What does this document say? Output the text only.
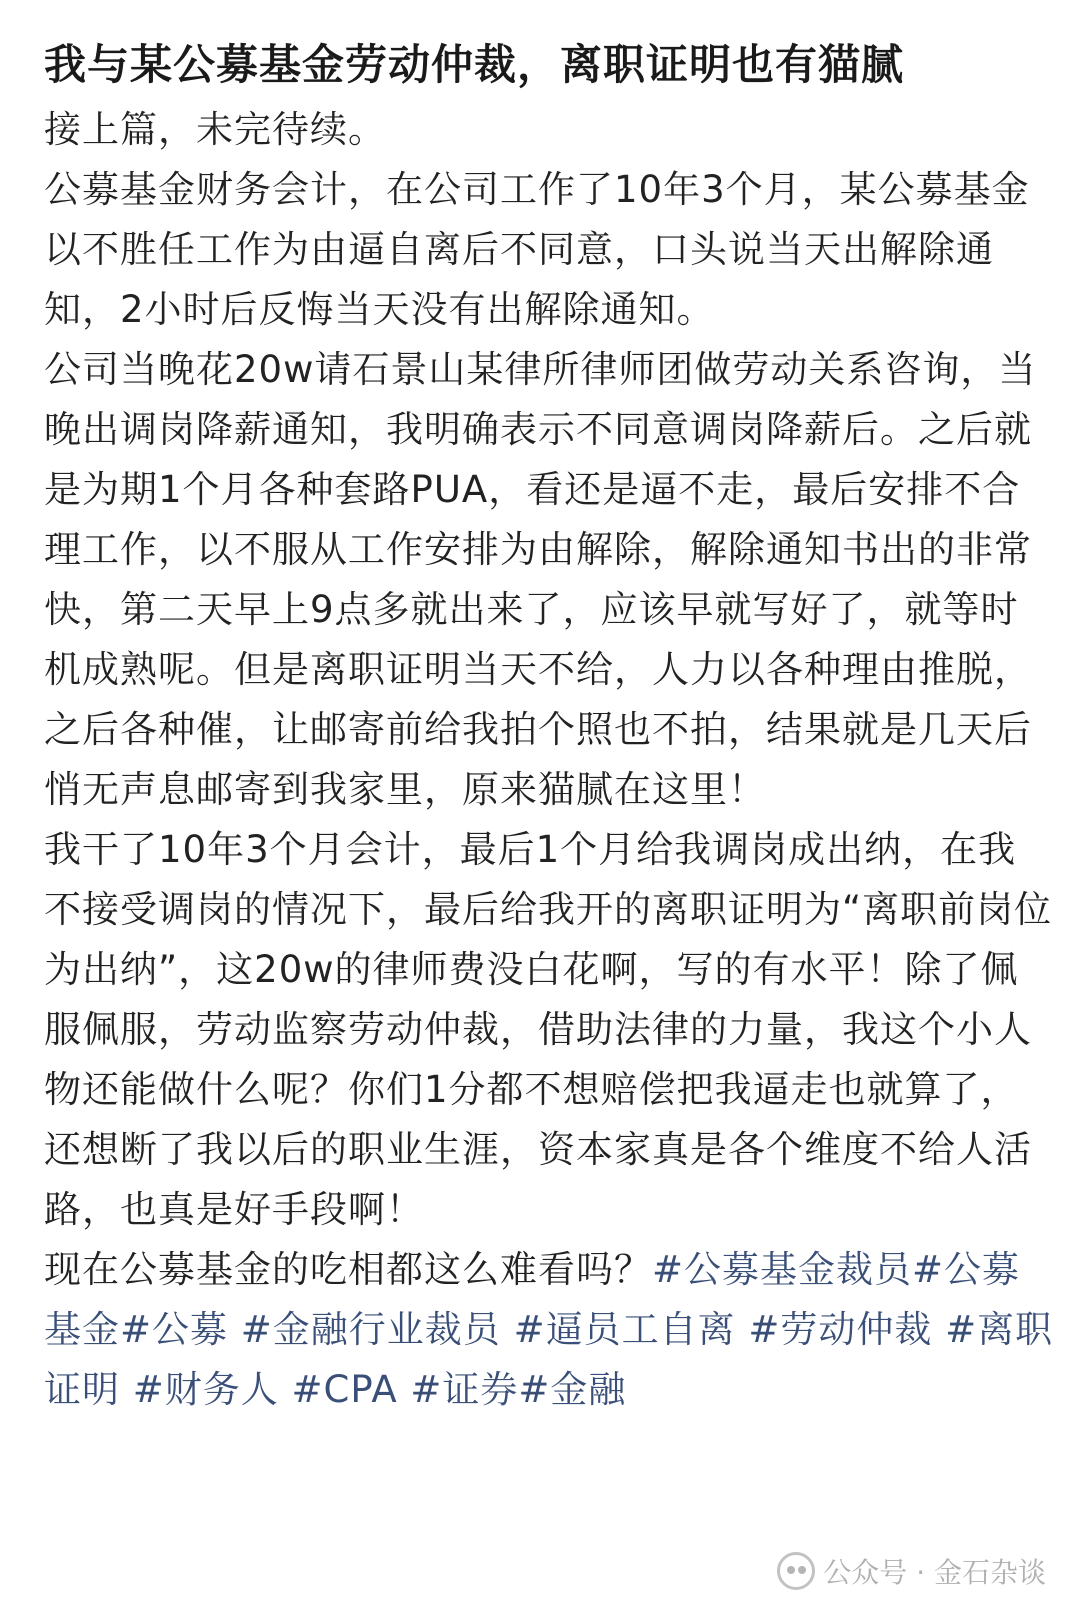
我与某公募基金劳动仲裁，离职证明也有猫腻

接上篇，未完待续。

公募基金财务会计，在公司工作了10年3个月，某公募基金以不胜任工作为由逼自离后不同意，口头说当天出解除通知，2小时后反悔当天没有出解除通知。

公司当晚花20w请石景山某律所律师团做劳动关系咨询，当晚出调岗降薪通知，我明确表示不同意调岗降薪后。之后就是为期1个月各种套路PUA，看还是逼不走，最后安排不合理工作，以不服从工作安排为由解除，解除通知书出的非常快，第二天早上9点多就出来了，应该早就写好了，就等时机成熟呢。但是离职证明当天不给，人力以各种理由推脱，之后各种催，让邮寄前给我拍个照也不拍，结果就是几天后悄无声息邮寄到我家里，原来猫腻在这里！

我干了10年3个月会计，最后1个月给我调岗成出纳，在我不接受调岗的情况下，最后给我开的离职证明为“离职前岗位为出纳”，这20w的律师费没白花啊，写的有水平！除了佩服佩服，劳动监察劳动仲裁，借助法律的力量，我这个小人物还能做什么呢？你们1分都不想赔偿把我逼走也就算了，还想断了我以后的职业生涯，资本家真是各个维度不给人活路，也真是好手段啊！

现在公募基金的吃相都这么难看吗？#公募基金裁员#公募基金#公募 #金融行业裁员 #逼员工自离 #劳动仲裁 #离职证明 #财务人 #CPA #证券#金融

公众号 · 金石杂谈
